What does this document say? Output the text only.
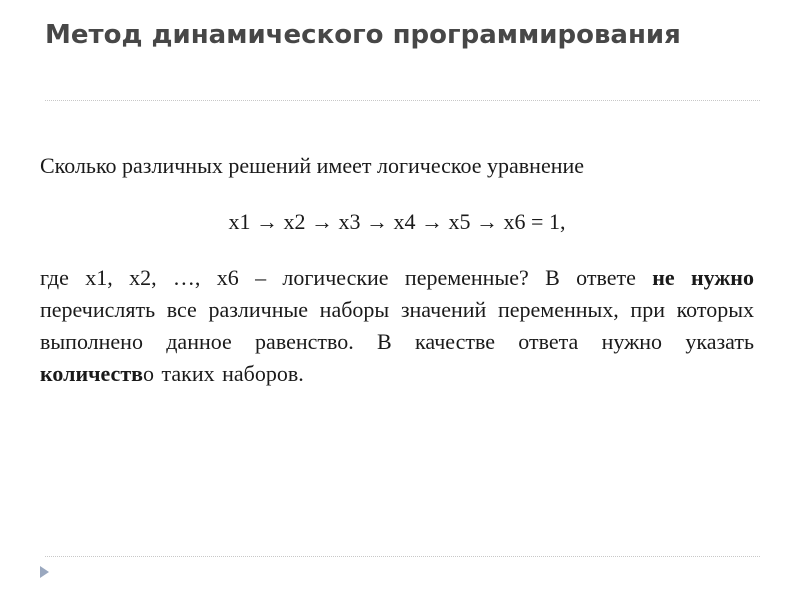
Метод динамического программирования

Сколько различных решений имеет логическое уравнение

x1 → x2 → x3 → x4 → x5 → x6 = 1,

где x1, x2, …, x6 – логические переменные? В ответе не нужно перечислять все различные наборы значений переменных, при которых выполнено данное равенство. В качестве ответа нужно указать количество таких наборов.
